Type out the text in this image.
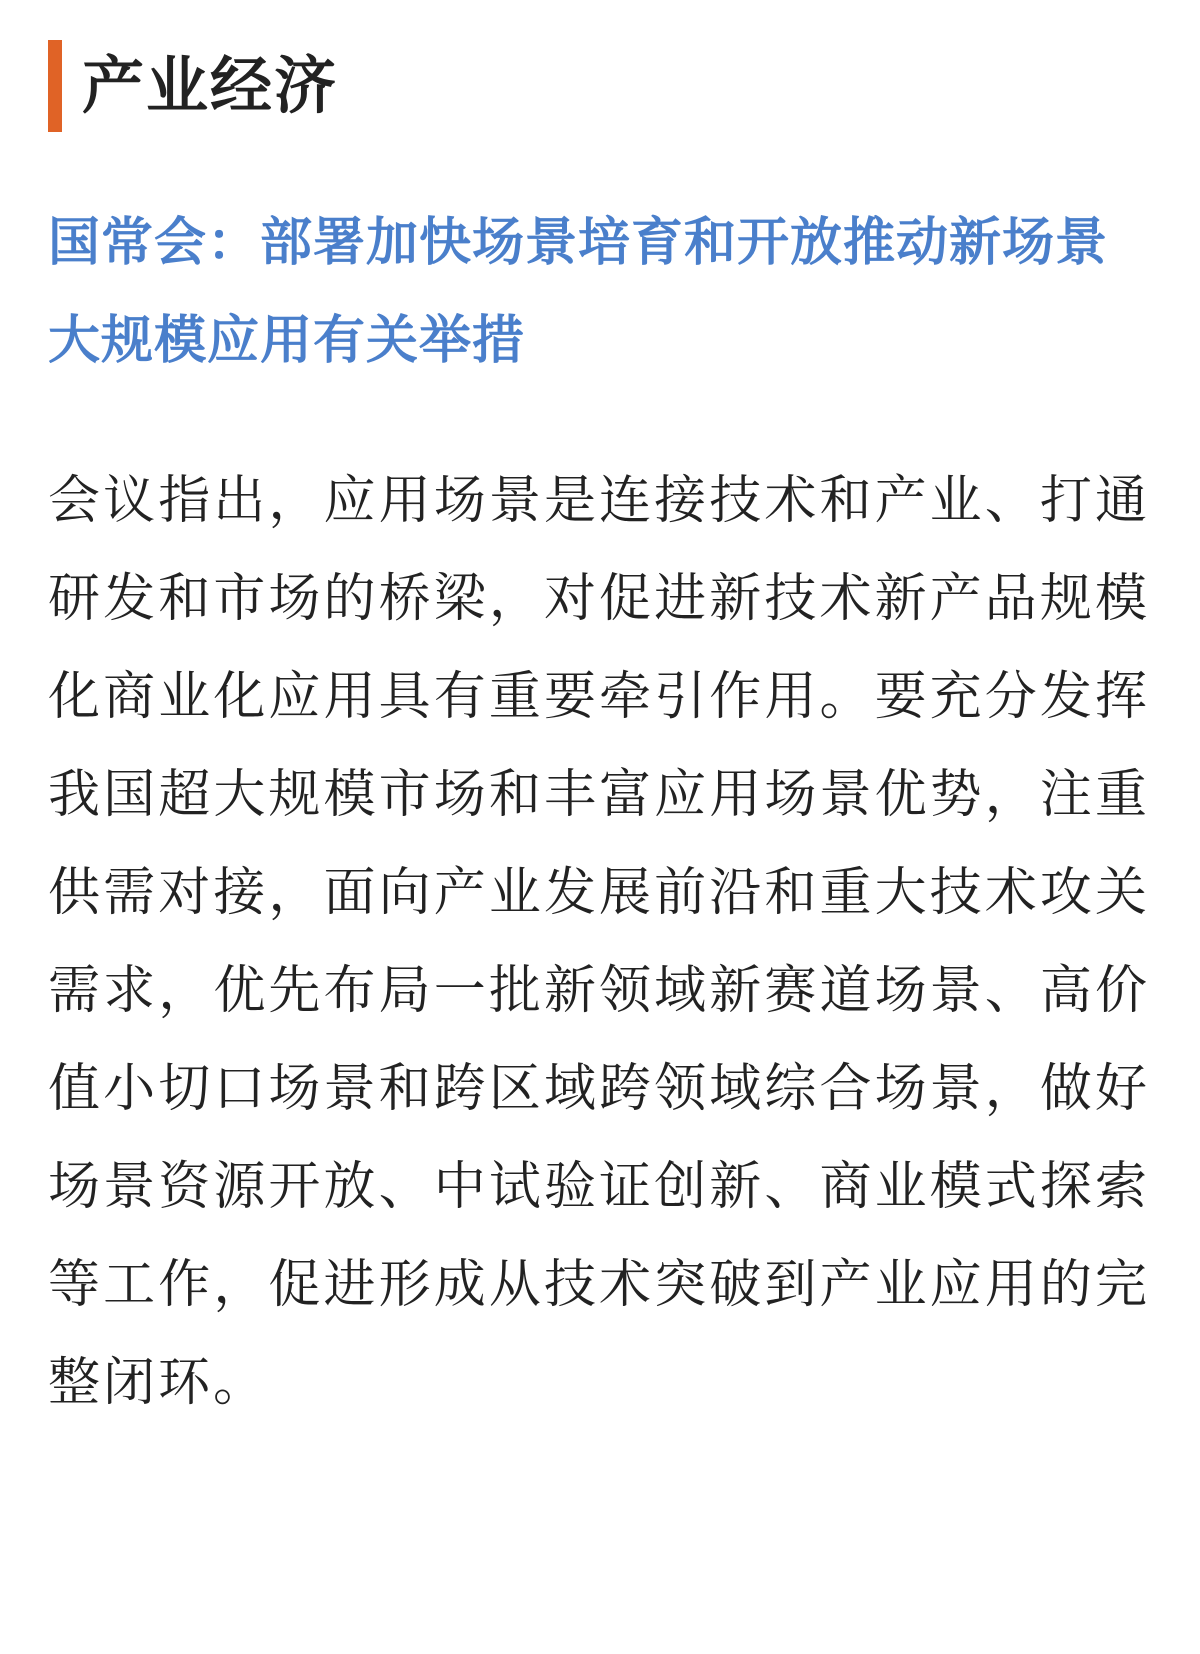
产业经济
国常会：部署加快场景培育和开放推动新场景大规模应用有关举措
会议指出，应用场景是连接技术和产业、打通研发和市场的桥梁，对促进新技术新产品规模化商业化应用具有重要牵引作用。要充分发挥我国超大规模市场和丰富应用场景优势，注重供需对接，面向产业发展前沿和重大技术攻关需求，优先布局一批新领域新赛道场景、高价值小切口场景和跨区域跨领域综合场景，做好场景资源开放、中试验证创新、商业模式探索等工作，促进形成从技术突破到产业应用的完整闭环。
